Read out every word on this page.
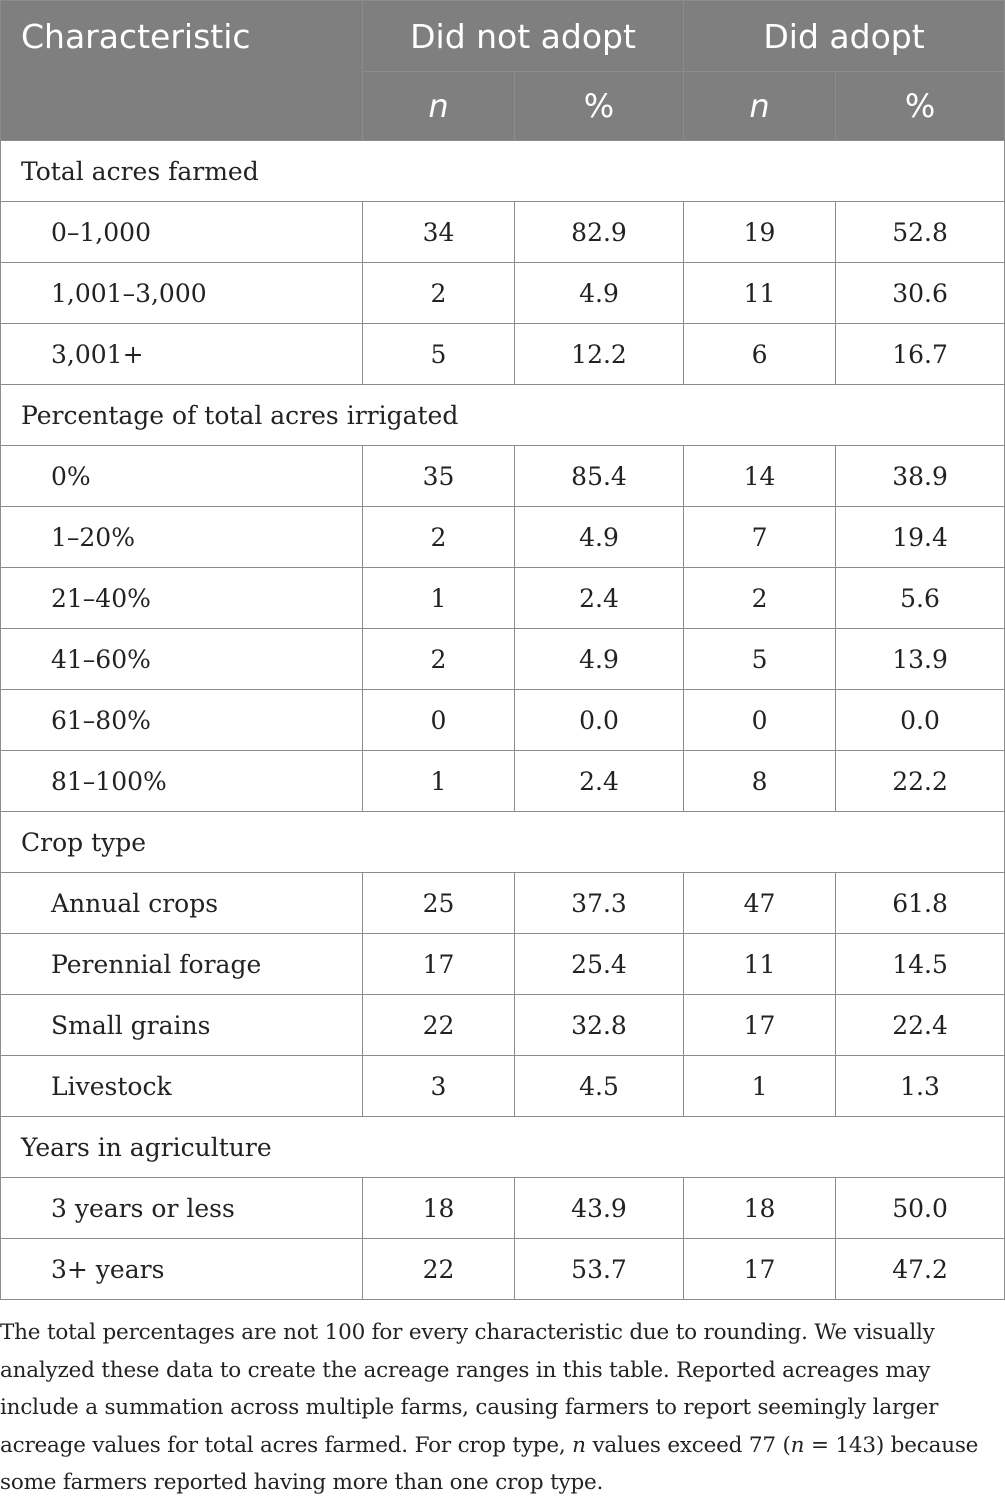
Characteristic	Did not adopt		Did adopt	
	n	%	n	%
Total acres farmed				
0–1,000	34	82.9	19	52.8
1,001–3,000	2	4.9	11	30.6
3,001+	5	12.2	6	16.7
Percentage of total acres irrigated				
0%	35	85.4	14	38.9
1–20%	2	4.9	7	19.4
21–40%	1	2.4	2	5.6
41–60%	2	4.9	5	13.9
61–80%	0	0.0	0	0.0
81–100%	1	2.4	8	22.2
Crop type				
Annual crops	25	37.3	47	61.8
Perennial forage	17	25.4	11	14.5
Small grains	22	32.8	17	22.4
Livestock	3	4.5	1	1.3
Years in agriculture				
3 years or less	18	43.9	18	50.0
3+ years	22	53.7	17	47.2

The total percentages are not 100 for every characteristic due to rounding. We visually analyzed these data to create the acreage ranges in this table. Reported acreages may include a summation across multiple farms, causing farmers to report seemingly larger acreage values for total acres farmed. For crop type, n values exceed 77 (n = 143) because some farmers reported having more than one crop type.
